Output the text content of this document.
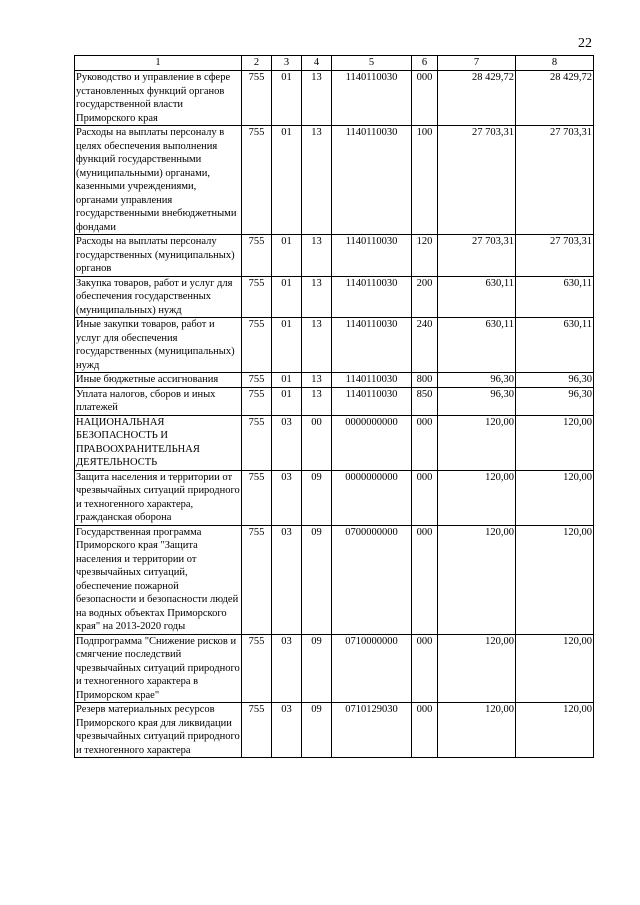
22
1	2	3	4	5	6	7	8
Руководство и управление в сфере установленных функций органов государственной власти Приморского края	755	01	13	1140110030	000	28 429,72	28 429,72
Расходы на выплаты персоналу в целях обеспечения выполнения функций государственными (муниципальными) органами, казенными учреждениями, органами управления государственными внебюджетными фондами	755	01	13	1140110030	100	27 703,31	27 703,31
Расходы на выплаты персоналу государственных (муниципальных) органов	755	01	13	1140110030	120	27 703,31	27 703,31
Закупка товаров, работ и услуг для обеспечения государственных (муниципальных) нужд	755	01	13	1140110030	200	630,11	630,11
Иные закупки товаров, работ и услуг для обеспечения государственных (муниципальных) нужд	755	01	13	1140110030	240	630,11	630,11
Иные бюджетные ассигнования	755	01	13	1140110030	800	96,30	96,30
Уплата налогов, сборов и иных платежей	755	01	13	1140110030	850	96,30	96,30
НАЦИОНАЛЬНАЯ БЕЗОПАСНОСТЬ И ПРАВООХРАНИТЕЛЬНАЯ ДЕЯТЕЛЬНОСТЬ	755	03	00	0000000000	000	120,00	120,00
Защита населения и территории от чрезвычайных ситуаций природного и техногенного характера, гражданская оборона	755	03	09	0000000000	000	120,00	120,00
Государственная программа Приморского края "Защита населения и территории от чрезвычайных ситуаций, обеспечение пожарной безопасности и безопасности людей на водных объектах Приморского края" на 2013-2020 годы	755	03	09	0700000000	000	120,00	120,00
Подпрограмма "Снижение рисков и смягчение последствий чрезвычайных ситуаций природного и техногенного характера в Приморском крае"	755	03	09	0710000000	000	120,00	120,00
Резерв материальных ресурсов Приморского края для ликвидации чрезвычайных ситуаций природного и техногенного характера	755	03	09	0710129030	000	120,00	120,00
